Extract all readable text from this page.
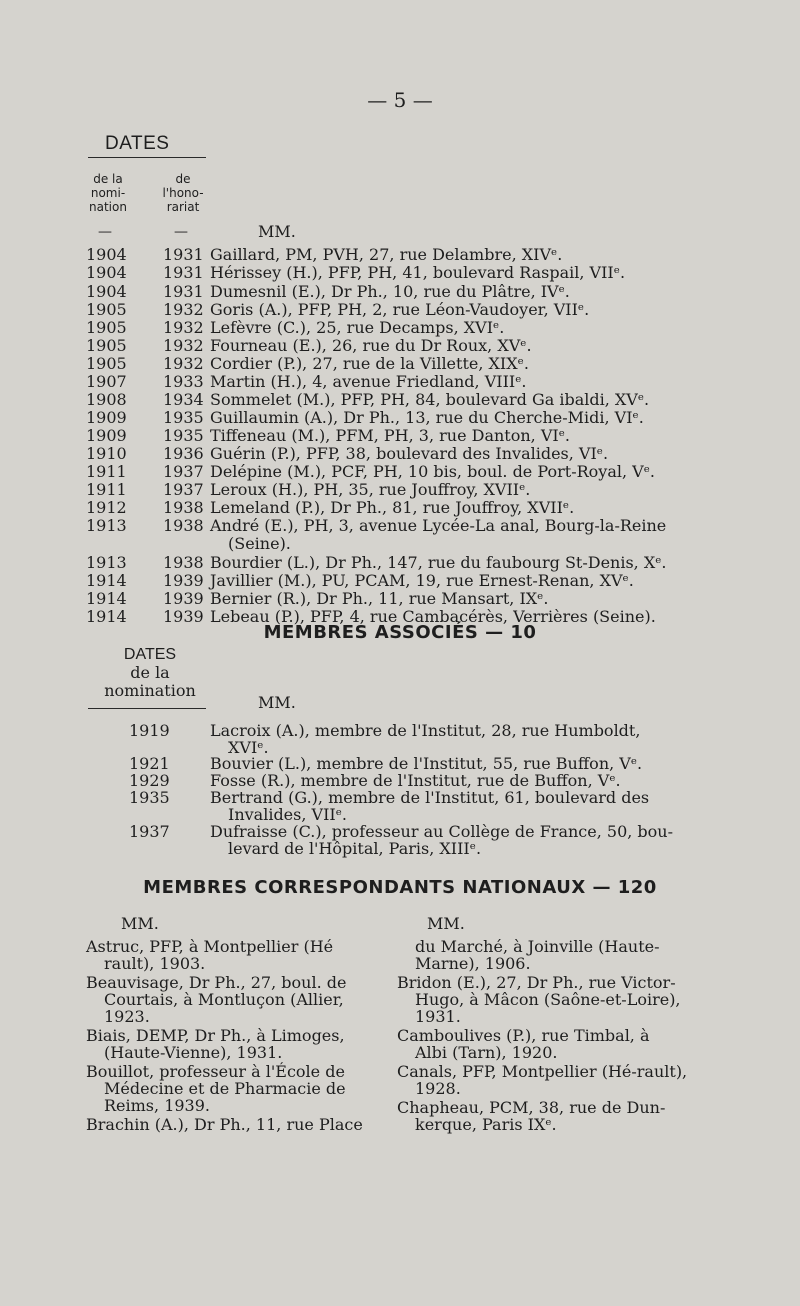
— 5 —
DATES
de la
nomi-
nation
de
l'hono-
rariat
—	—	MM.
1904 1931 Gaillard, PM, PVH, 27, rue Delambre, XIVᵉ.
1904 1931 Hérissey (H.), PFP, PH, 41, boulevard Raspail, VIIᵉ.
1904 1931 Dumesnil (E.), Dr Ph., 10, rue du Plâtre, IVᵉ.
1905 1932 Goris (A.), PFP, PH, 2, rue Léon-Vaudoyer, VIIᵉ.
1905 1932 Lefèvre (C.), 25, rue Decamps, XVIᵉ.
1905 1932 Fourneau (E.), 26, rue du Dr Roux, XVᵉ.
1905 1932 Cordier (P.), 27, rue de la Villette, XIXᵉ.
1907 1933 Martin (H.), 4, avenue Friedland, VIIIᵉ.
1908 1934 Sommelet (M.), PFP, PH, 84, boulevard Ga ibaldi, XVᵉ.
1909 1935 Guillaumin (A.), Dr Ph., 13, rue du Cherche-Midi, VIᵉ.
1909 1935 Tiffeneau (M.), PFM, PH, 3, rue Danton, VIᵉ.
1910 1936 Guérin (P.), PFP, 38, boulevard des Invalides, VIᵉ.
1911 1937 Delépine (M.), PCF, PH, 10 bis, boul. de Port-Royal, Vᵉ.
1911 1937 Leroux (H.), PH, 35, rue Jouffroy, XVIIᵉ.
1912 1938 Lemeland (P.), Dr Ph., 81, rue Jouffroy, XVIIᵉ.
1913 1938 André (E.), PH, 3, avenue Lycée-La anal, Bourg-la-Reine
(Seine).
1913 1938 Bourdier (L.), Dr Ph., 147, rue du faubourg St-Denis, Xᵉ.
1914 1939 Javillier (M.), PU, PCAM, 19, rue Ernest-Renan, XVᵉ.
1914 1939 Bernier (R.), Dr Ph., 11, rue Mansart, IXᵉ.
1914 1939 Lebeau (P.), PFP, 4, rue Cambacérès, Verrières (Seine).
MEMBRES ASSOCIÉS — 10
DATES
de la
nomination
MM.
1919	Lacroix (A.), membre de l'Institut, 28, rue Humboldt,
XVIᵉ.
1921	Bouvier (L.), membre de l'Institut, 55, rue Buffon, Vᵉ.
1929	Fosse (R.), membre de l'Institut, rue de Buffon, Vᵉ.
1935	Bertrand (G.), membre de l'Institut, 61, boulevard des
Invalides, VIIᵉ.
1937	Dufraisse (C.), professeur au Collège de France, 50, bou-
levard de l'Hôpital, Paris, XIIIᵉ.
MEMBRES CORRESPONDANTS NATIONAUX — 120
MM.	MM.
Astruc, PFP, à Montpellier (Hé
rault), 1903.
Beauvisage, Dr Ph., 27, boul. de
Courtais, à Montluçon (Allier,
1923.
Biais, DEMP, Dr Ph., à Limoges,
(Haute-Vienne), 1931.
Bouillot, professeur à l'École de
Médecine et de Pharmacie de
Reims, 1939.
Brachin (A.), Dr Ph., 11, rue Place
du Marché, à Joinville (Haute-
Marne), 1906.
Bridon (E.), 27, Dr Ph., rue Victor-
Hugo, à Mâcon (Saône-et-Loire),
1931.
Camboulives (P.), rue Timbal, à
Albi (Tarn), 1920.
Canals, PFP, Montpellier (Hé-rault),
1928.
Chapheau, PCM, 38, rue de Dun-
kerque, Paris IXᵉ.
